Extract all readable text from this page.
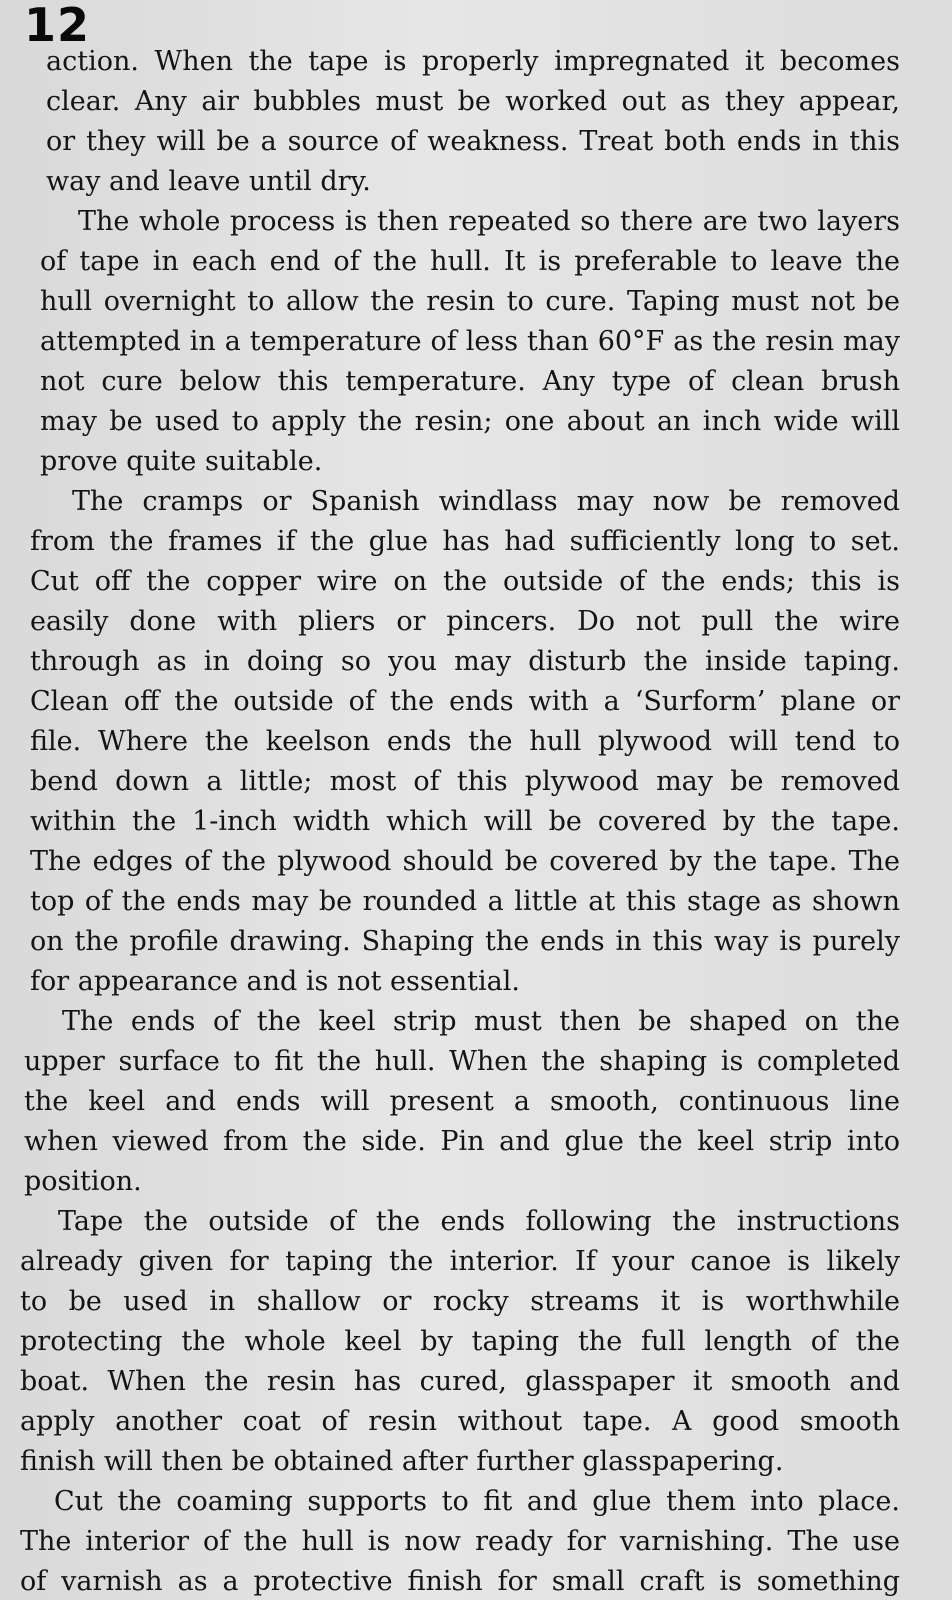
12
action. When the tape is properly impregnated it becomes
clear. Any air bubbles must be worked out as they appear,
or they will be a source of weakness. Treat both ends in this
way and leave until dry.
The whole process is then repeated so there are two layers
of tape in each end of the hull. It is preferable to leave the
hull overnight to allow the resin to cure. Taping must not be
attempted in a temperature of less than 60°F as the resin may
not cure below this temperature. Any type of clean brush
may be used to apply the resin; one about an inch wide will
prove quite suitable.
The cramps or Spanish windlass may now be removed
from the frames if the glue has had sufficiently long to set.
Cut off the copper wire on the outside of the ends; this is
easily done with pliers or pincers. Do not pull the wire
through as in doing so you may disturb the inside taping.
Clean off the outside of the ends with a ‘Surform’ plane or
file. Where the keelson ends the hull plywood will tend to
bend down a little; most of this plywood may be removed
within the 1-inch width which will be covered by the tape.
The edges of the plywood should be covered by the tape. The
top of the ends may be rounded a little at this stage as shown
on the profile drawing. Shaping the ends in this way is purely
for appearance and is not essential.
The ends of the keel strip must then be shaped on the
upper surface to fit the hull. When the shaping is completed
the keel and ends will present a smooth, continuous line
when viewed from the side. Pin and glue the keel strip into
position.
Tape the outside of the ends following the instructions
already given for taping the interior. If your canoe is likely
to be used in shallow or rocky streams it is worthwhile
protecting the whole keel by taping the full length of the
boat. When the resin has cured, glasspaper it smooth and
apply another coat of resin without tape. A good smooth
finish will then be obtained after further glasspapering.
Cut the coaming supports to fit and glue them into place.
The interior of the hull is now ready for varnishing. The use
of varnish as a protective finish for small craft is something
